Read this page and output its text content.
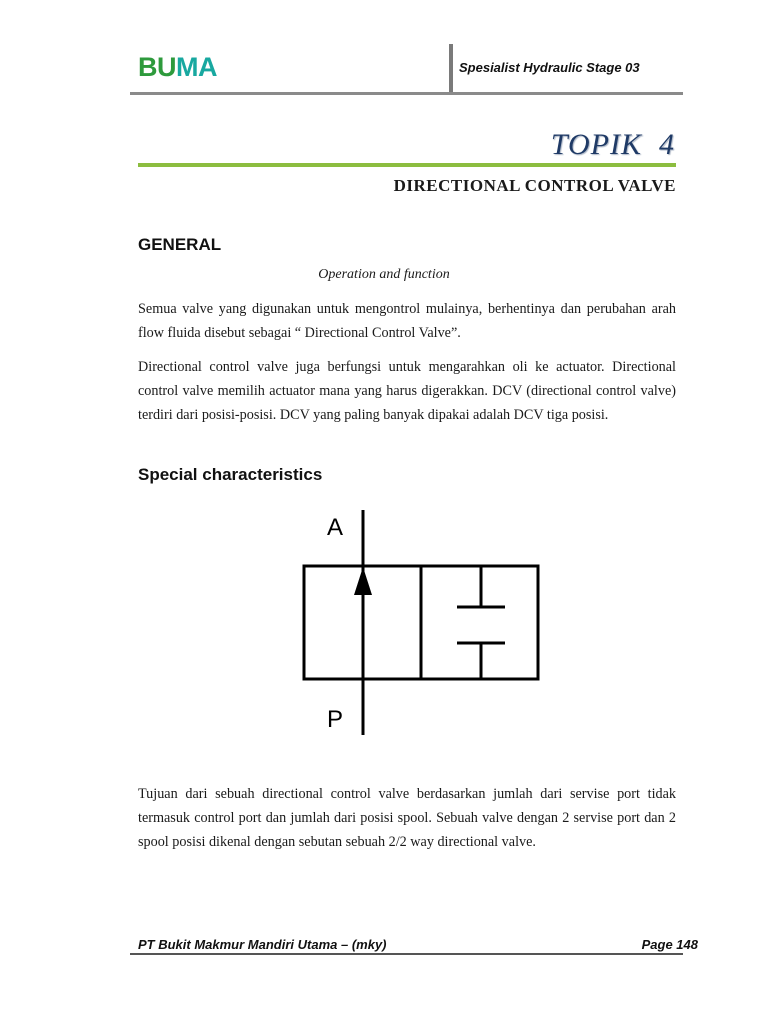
BUMA	Spesialist Hydraulic Stage 03
TOPIK  4
DIRECTIONAL CONTROL VALVE
GENERAL
Operation and function
Semua valve yang digunakan untuk mengontrol mulainya, berhentinya dan perubahan arah flow fluida disebut sebagai “ Directional Control Valve”.
Directional control valve juga berfungsi untuk mengarahkan oli ke actuator. Directional control valve memilih actuator mana yang harus digerakkan. DCV (directional control valve) terdiri dari posisi-posisi. DCV yang paling banyak dipakai adalah DCV tiga posisi.
Special characteristics
A
P
Tujuan dari sebuah directional control valve berdasarkan jumlah dari servise port tidak termasuk control port dan jumlah dari posisi spool. Sebuah valve dengan 2 servise port dan 2 spool posisi dikenal dengan sebutan sebuah 2/2 way directional valve.
PT Bukit Makmur Mandiri Utama – (mky)	Page 148
